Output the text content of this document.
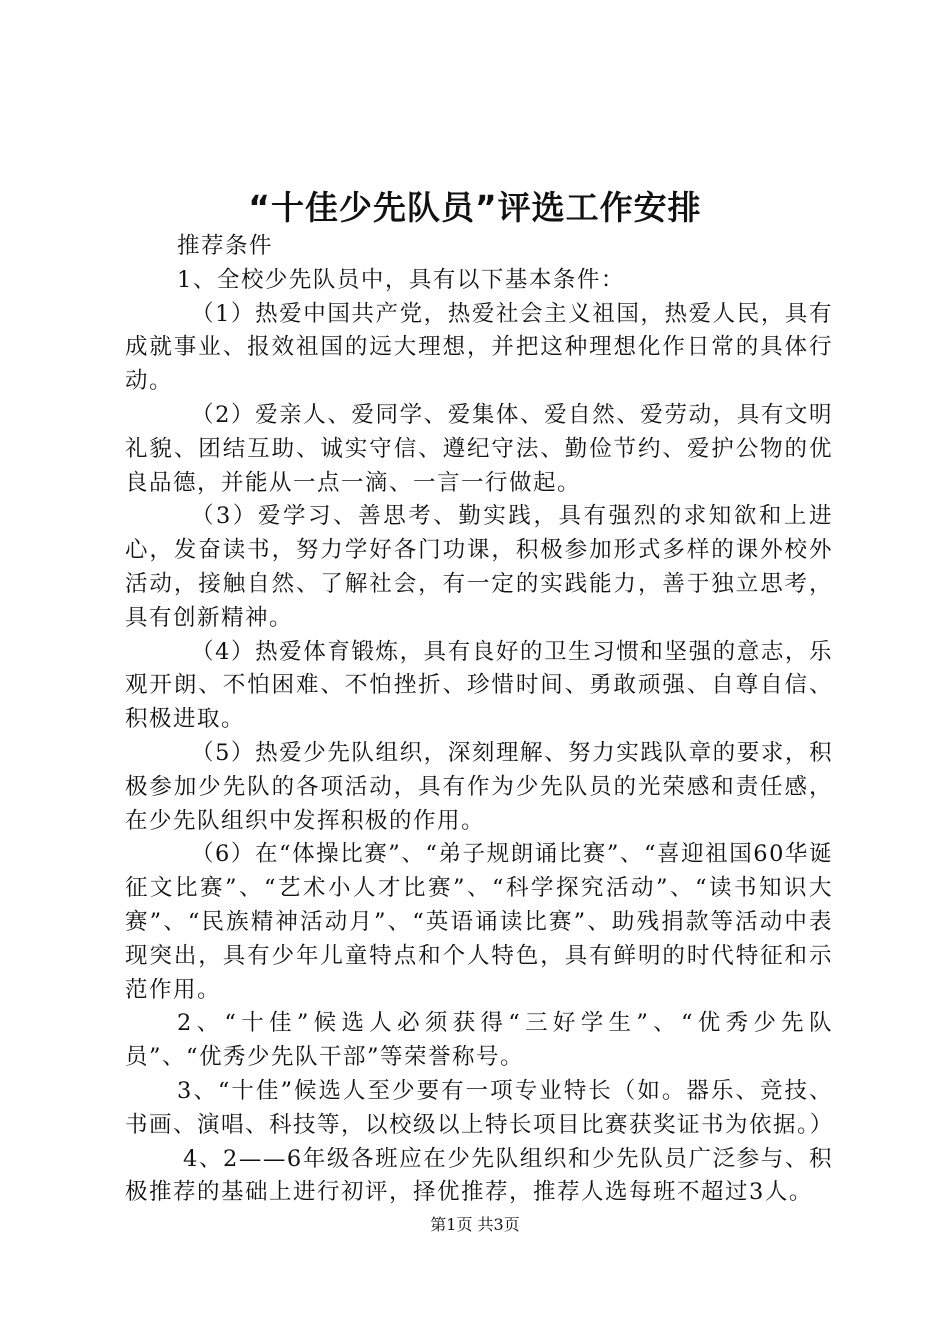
“十佳少先队员”评选工作安排

推荐条件

1、全校少先队员中，具有以下基本条件：

（1）热爱中国共产党，热爱社会主义祖国，热爱人民，具有成就事业、报效祖国的远大理想，并把这种理想化作日常的具体行动。

（2）爱亲人、爱同学、爱集体、爱自然、爱劳动，具有文明礼貌、团结互助、诚实守信、遵纪守法、勤俭节约、爱护公物的优良品德，并能从一点一滴、一言一行做起。

（3）爱学习、善思考、勤实践，具有强烈的求知欲和上进心，发奋读书，努力学好各门功课，积极参加形式多样的课外校外活动，接触自然、了解社会，有一定的实践能力，善于独立思考，具有创新精神。

（4）热爱体育锻炼，具有良好的卫生习惯和坚强的意志，乐观开朗、不怕困难、不怕挫折、珍惜时间、勇敢顽强、自尊自信、积极进取。

（5）热爱少先队组织，深刻理解、努力实践队章的要求，积极参加少先队的各项活动，具有作为少先队员的光荣感和责任感，在少先队组织中发挥积极的作用。

（6）在“体操比赛”、“弟子规朗诵比赛”、“喜迎祖国60华诞征文比赛”、“艺术小人才比赛”、“科学探究活动”、“读书知识大赛”、“民族精神活动月”、“英语诵读比赛”、助残捐款等活动中表现突出，具有少年儿童特点和个人特色，具有鲜明的时代特征和示范作用。

2、“十佳”候选人必须获得“三好学生”、“优秀少先队员”、“优秀少先队干部”等荣誉称号。

3、“十佳”候选人至少要有一项专业特长（如。器乐、竞技、书画、演唱、科技等，以校级以上特长项目比赛获奖证书为依据。）

4、2——6年级各班应在少先队组织和少先队员广泛参与、积极推荐的基础上进行初评，择优推荐，推荐人选每班不超过3人。

第1页 共3页
